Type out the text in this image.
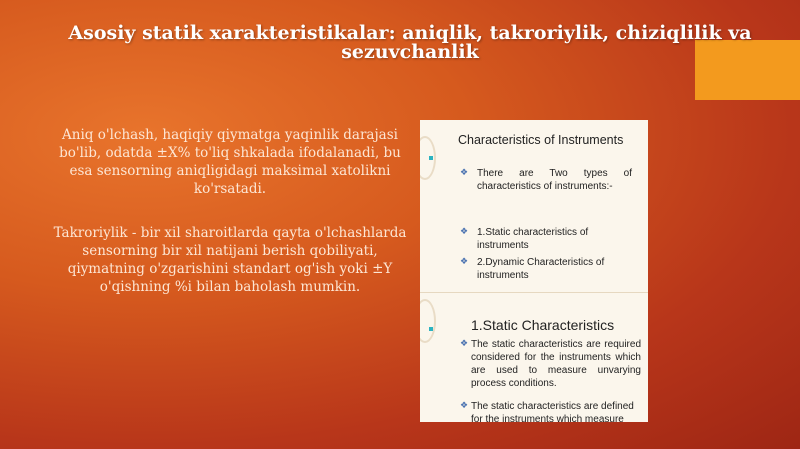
Asosiy statik xarakteristikalar: aniqlik, takroriylik, chiziqlilik va sezuvchanlik

Aniq o'lchash, haqiqiy qiymatga yaqinlik darajasi bo'lib, odatda ±X% to'liq shkalada ifodalanadi, bu esa sensorning aniqligidagi maksimal xatolikni ko'rsatadi.

Takroriylik - bir xil sharoitlarda qayta o'lchashlarda sensorning bir xil natijani berish qobiliyati, qiymatning o'zgarishini standart og'ish yoki ±Y o'qishning %i bilan baholash mumkin.

Characteristics of Instruments
❖ There are Two types of characteristics of instruments:-
❖ 1.Static characteristics of instruments
❖ 2.Dynamic Characteristics of instruments
1.Static Characteristics
❖ The static characteristics are required considered for the instruments which are used to measure unvarying process conditions.
❖ The static characteristics are defined for the instruments which measure
